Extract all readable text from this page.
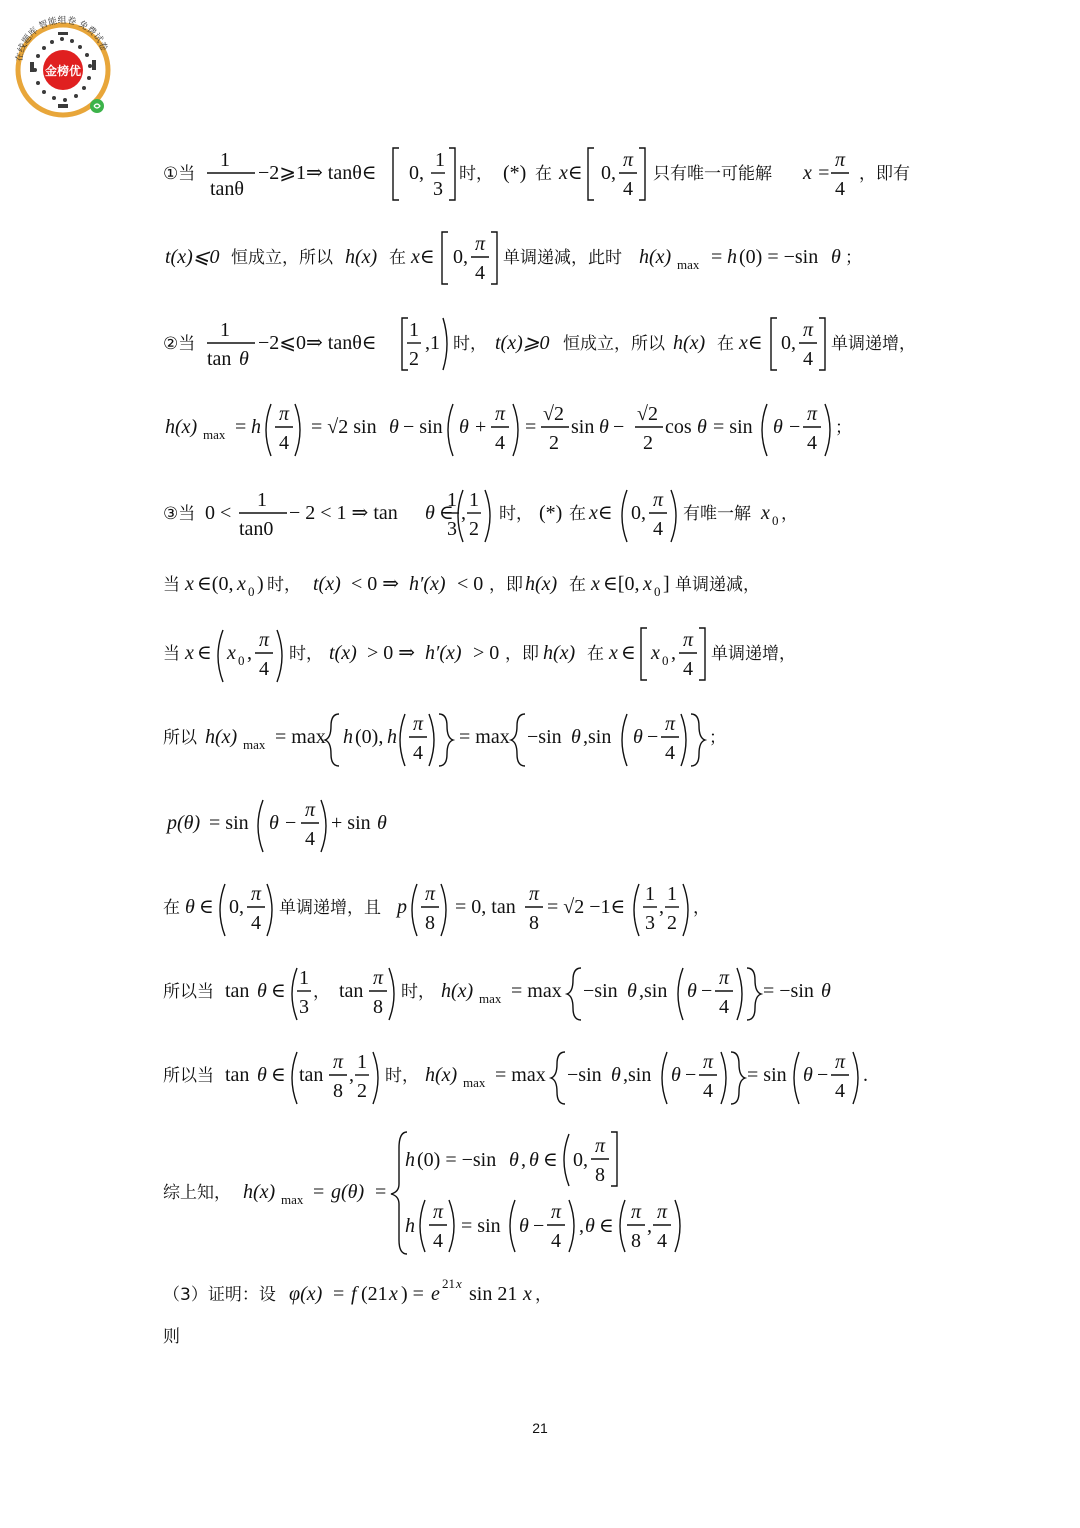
金榜优
在线题库 智能组卷 免费试卷
①当
1
tanθ
−2⩾1⇒ tanθ∈ 0,
1
3
时， (*) 在 x∈ 0,
π
4
只有唯一可能解 x =
π
4
，即有
t(x)⩽0 恒成立，所以 h(x) 在 x∈ 0,
π
4
单调递减，此时 h(x) max = h (0) = −sin θ ；
②当
1
tan θ
−2⩽0⇒ tanθ∈
1
2
,1 时， t(x)⩾0 恒成立，所以 h(x) 在 x∈ 0,
π
4
单调递增，
h(x) max = h
π
4
= √2 sin θ − sin θ +
π
4
=
√2
2
sin θ −
√2
2
cos θ = sin θ −
π
4
；
③当 0 <
1
tan0
− 2 < 1 ⇒ tan θ ∈
1
3
,
1
2
时， (*) 在 x∈ 0,
π
4
有唯一解 x 0 ，
当 x ∈(0, x 0 ) 时， t(x) < 0 ⇒ h′(x) < 0 ，即 h(x) 在 x ∈[0, x 0 ] 单调递减，
当 x ∈ x 0 ,
π
4
时， t(x) > 0 ⇒ h′(x) > 0 ，即 h(x) 在 x ∈ x 0 ,
π
4
单调递增，
所以 h(x) max = max h (0), h
π
4
= max −sin θ ,sin θ −
π
4
；
p(θ) = sin θ −
π
4
+ sin θ
在 θ ∈ 0,
π
4
单调递增，且 p
π
8
= 0, tan
π
8
= √2 −1∈
1
3
,
1
2
，
所以当 tan θ ∈
1
3
， tan
π
8
时， h(x) max = max −sin θ ,sin θ −
π
4
= −sin θ
所以当 tan θ ∈ tan
π
8
,
1
2
时， h(x) max = max −sin θ ,sin θ −
π
4
= sin θ −
π
4
.
综上知， h(x) max = g(θ) =
h (0) = −sin θ , θ ∈ 0,
π
8
h
π
4
= sin θ −
π
4
, θ ∈
π
8
,
π
4
（3）证明：设 φ(x) = f (21 x ) = e 21 x sin 21 x ，
则
21
